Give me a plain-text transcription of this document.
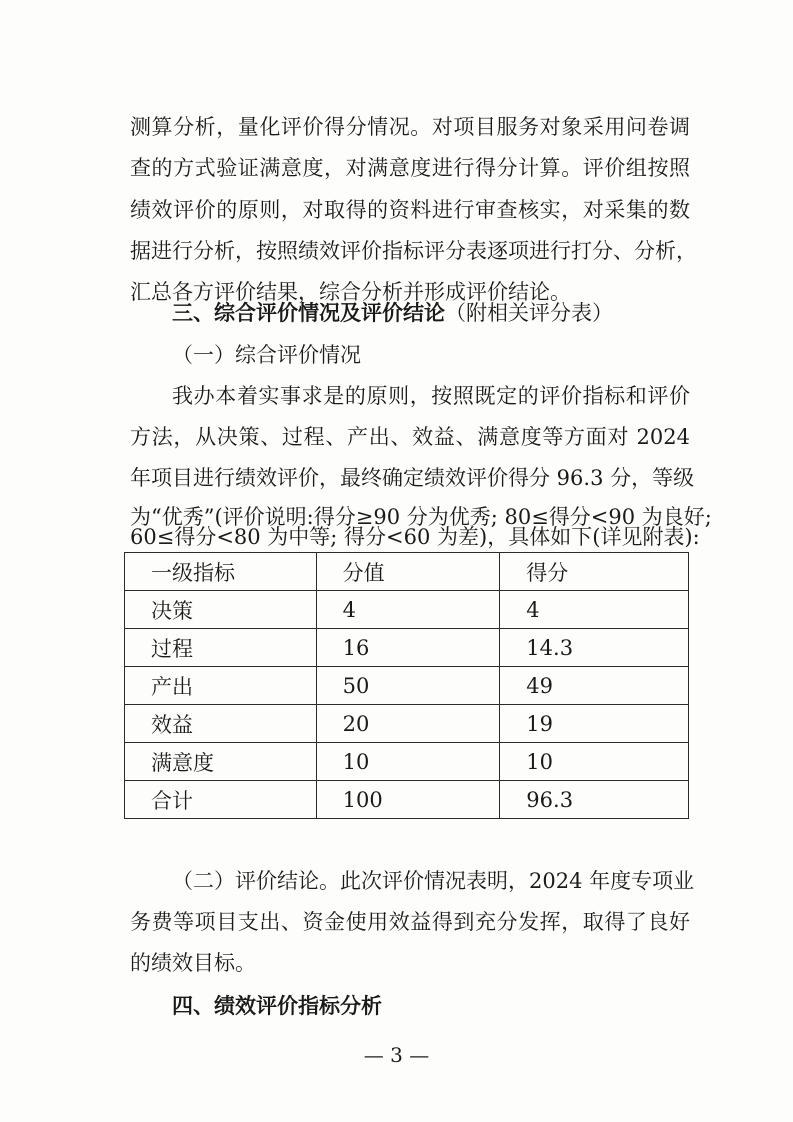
测算分析，量化评价得分情况。对项目服务对象采用问卷调
查的方式验证满意度，对满意度进行得分计算。评价组按照
绩效评价的原则，对取得的资料进行审查核实，对采集的数
据进行分析，按照绩效评价指标评分表逐项进行打分、分析，
汇总各方评价结果，综合分析并形成评价结论。
三、综合评价情况及评价结论（附相关评分表）
（一）综合评价情况
我办本着实事求是的原则，按照既定的评价指标和评价
方法，从决策、过程、产出、效益、满意度等方面对 2024
年项目进行绩效评价，最终确定绩效评价得分 96.3 分，等级
为“优秀”(评价说明:得分≥90 分为优秀; 80≤得分<90 为良好;
60≤得分<80 为中等; 得分<60 为差)，具体如下(详见附表):
一级指标	分值	得分
决策	4	4
过程	16	14.3
产出	50	49
效益	20	19
满意度	10	10
合计	100	96.3
（二）评价结论。此次评价情况表明，2024 年度专项业
务费等项目支出、资金使用效益得到充分发挥，取得了良好
的绩效目标。
四、绩效评价指标分析
— 3 —
